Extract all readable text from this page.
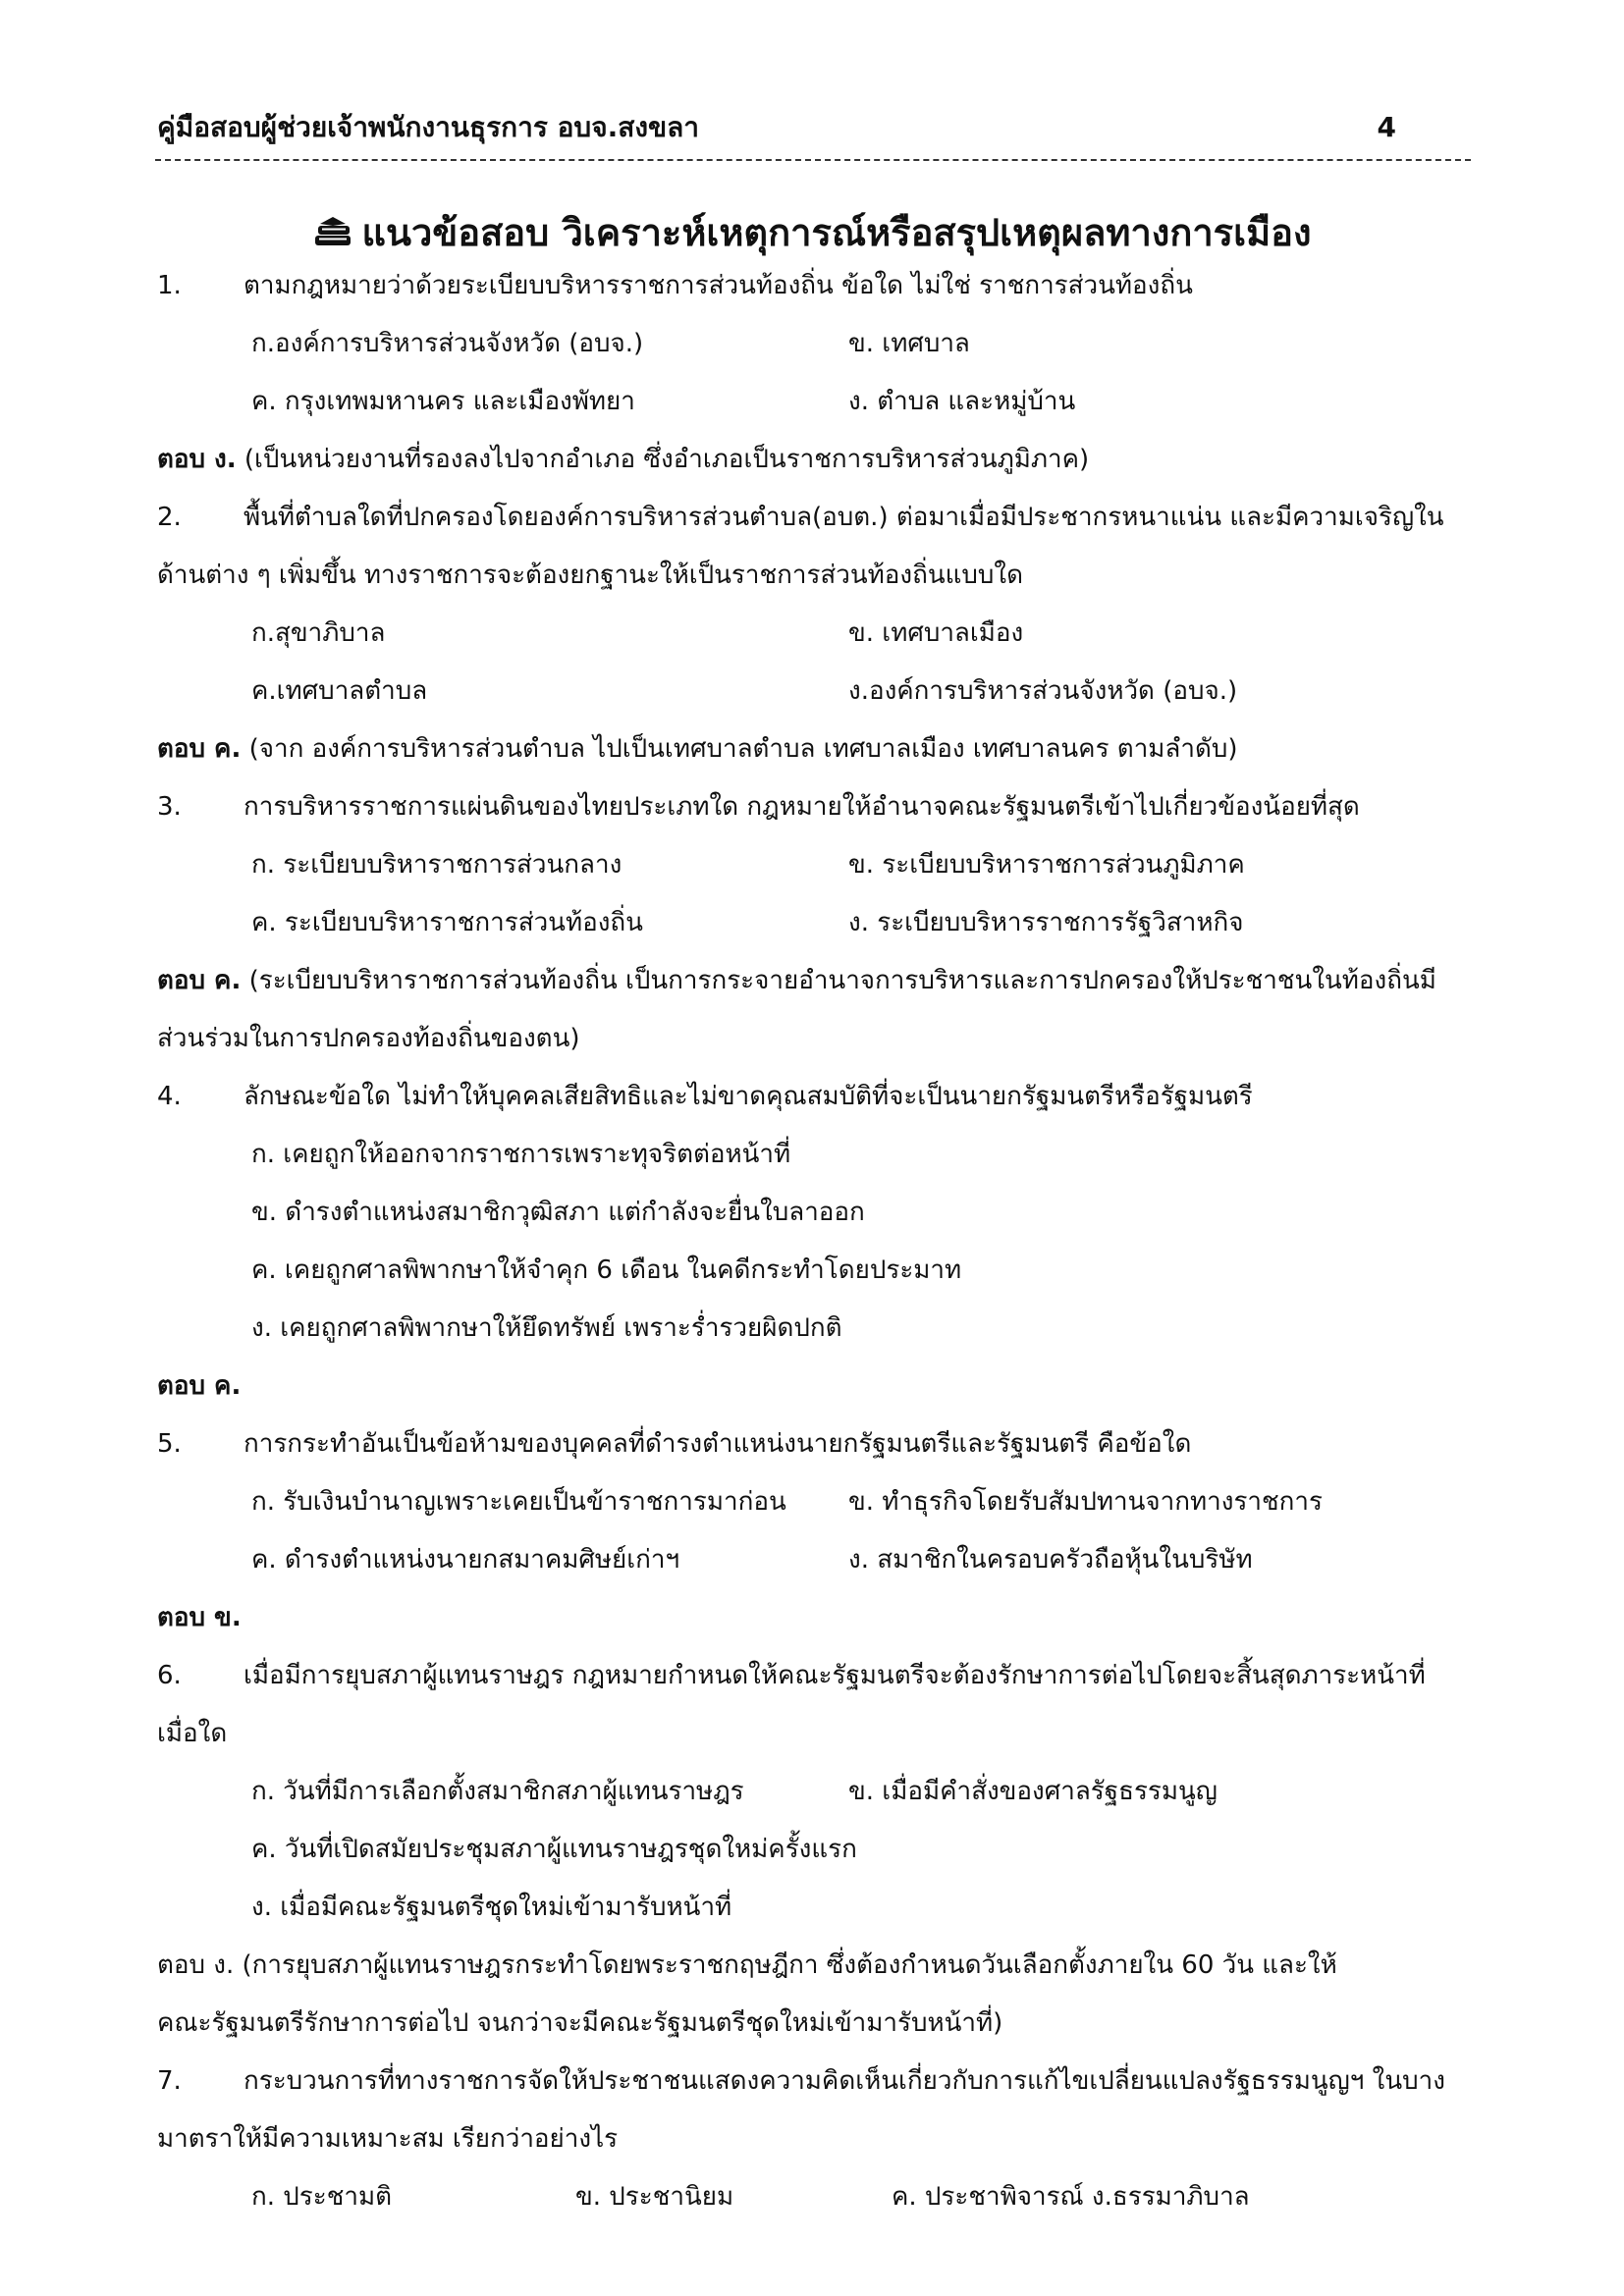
คู่มือสอบผู้ช่วยเจ้าพนักงานธุรการ อบจ.สงขลา	4
แนวข้อสอบ วิเคราะห์เหตุการณ์หรือสรุปเหตุผลทางการเมือง
1.	ตามกฎหมายว่าด้วยระเบียบบริหารราชการส่วนท้องถิ่น ข้อใด ไม่ใช่ ราชการส่วนท้องถิ่น
ก.องค์การบริหารส่วนจังหวัด (อบจ.)	ข. เทศบาล
ค. กรุงเทพมหานคร และเมืองพัทยา	ง. ตำบล และหมู่บ้าน
ตอบ ง. (เป็นหน่วยงานที่รองลงไปจากอำเภอ ซึ่งอำเภอเป็นราชการบริหารส่วนภูมิภาค)
2.	พื้นที่ตำบลใดที่ปกครองโดยองค์การบริหารส่วนตำบล(อบต.) ต่อมาเมื่อมีประชากรหนาแน่น และมีความเจริญใน
ด้านต่าง ๆ เพิ่มขึ้น ทางราชการจะต้องยกฐานะให้เป็นราชการส่วนท้องถิ่นแบบใด
ก.สุขาภิบาล	ข. เทศบาลเมือง
ค.เทศบาลตำบล	ง.องค์การบริหารส่วนจังหวัด (อบจ.)
ตอบ ค. (จาก องค์การบริหารส่วนตำบล ไปเป็นเทศบาลตำบล เทศบาลเมือง เทศบาลนคร ตามลำดับ)
3.	การบริหารราชการแผ่นดินของไทยประเภทใด กฎหมายให้อำนาจคณะรัฐมนตรีเข้าไปเกี่ยวข้องน้อยที่สุด
ก. ระเบียบบริหาราชการส่วนกลาง	ข. ระเบียบบริหาราชการส่วนภูมิภาค
ค. ระเบียบบริหาราชการส่วนท้องถิ่น	ง. ระเบียบบริหารราชการรัฐวิสาหกิจ
ตอบ ค. (ระเบียบบริหาราชการส่วนท้องถิ่น เป็นการกระจายอำนาจการบริหารและการปกครองให้ประชาชนในท้องถิ่นมี
ส่วนร่วมในการปกครองท้องถิ่นของตน)
4.	ลักษณะข้อใด ไม่ทำให้บุคคลเสียสิทธิและไม่ขาดคุณสมบัติที่จะเป็นนายกรัฐมนตรีหรือรัฐมนตรี
ก. เคยถูกให้ออกจากราชการเพราะทุจริตต่อหน้าที่
ข. ดำรงตำแหน่งสมาชิกวุฒิสภา แต่กำลังจะยื่นใบลาออก
ค. เคยถูกศาลพิพากษาให้จำคุก 6 เดือน ในคดีกระทำโดยประมาท
ง. เคยถูกศาลพิพากษาให้ยึดทรัพย์ เพราะร่ำรวยผิดปกติ
ตอบ ค.
5.	การกระทำอันเป็นข้อห้ามของบุคคลที่ดำรงตำแหน่งนายกรัฐมนตรีและรัฐมนตรี คือข้อใด
ก. รับเงินบำนาญเพราะเคยเป็นข้าราชการมาก่อน	ข. ทำธุรกิจโดยรับสัมปทานจากทางราชการ
ค. ดำรงตำแหน่งนายกสมาคมศิษย์เก่าฯ	ง. สมาชิกในครอบครัวถือหุ้นในบริษัท
ตอบ ข.
6.	เมื่อมีการยุบสภาผู้แทนราษฎร กฎหมายกำหนดให้คณะรัฐมนตรีจะต้องรักษาการต่อไปโดยจะสิ้นสุดภาระหน้าที่
เมื่อใด
ก. วันที่มีการเลือกตั้งสมาชิกสภาผู้แทนราษฎร	ข. เมื่อมีคำสั่งของศาลรัฐธรรมนูญ
ค. วันที่เปิดสมัยประชุมสภาผู้แทนราษฎรชุดใหม่ครั้งแรก
ง. เมื่อมีคณะรัฐมนตรีชุดใหม่เข้ามารับหน้าที่
ตอบ ง. (การยุบสภาผู้แทนราษฎรกระทำโดยพระราชกฤษฎีกา ซึ่งต้องกำหนดวันเลือกตั้งภายใน 60 วัน และให้
คณะรัฐมนตรีรักษาการต่อไป จนกว่าจะมีคณะรัฐมนตรีชุดใหม่เข้ามารับหน้าที่)
7.	กระบวนการที่ทางราชการจัดให้ประชาชนแสดงความคิดเห็นเกี่ยวกับการแก้ไขเปลี่ยนแปลงรัฐธรรมนูญฯ ในบาง
มาตราให้มีความเหมาะสม เรียกว่าอย่างไร
ก. ประชามติ	ข. ประชานิยม	ค. ประชาพิจารณ์ ง.ธรรมาภิบาล
